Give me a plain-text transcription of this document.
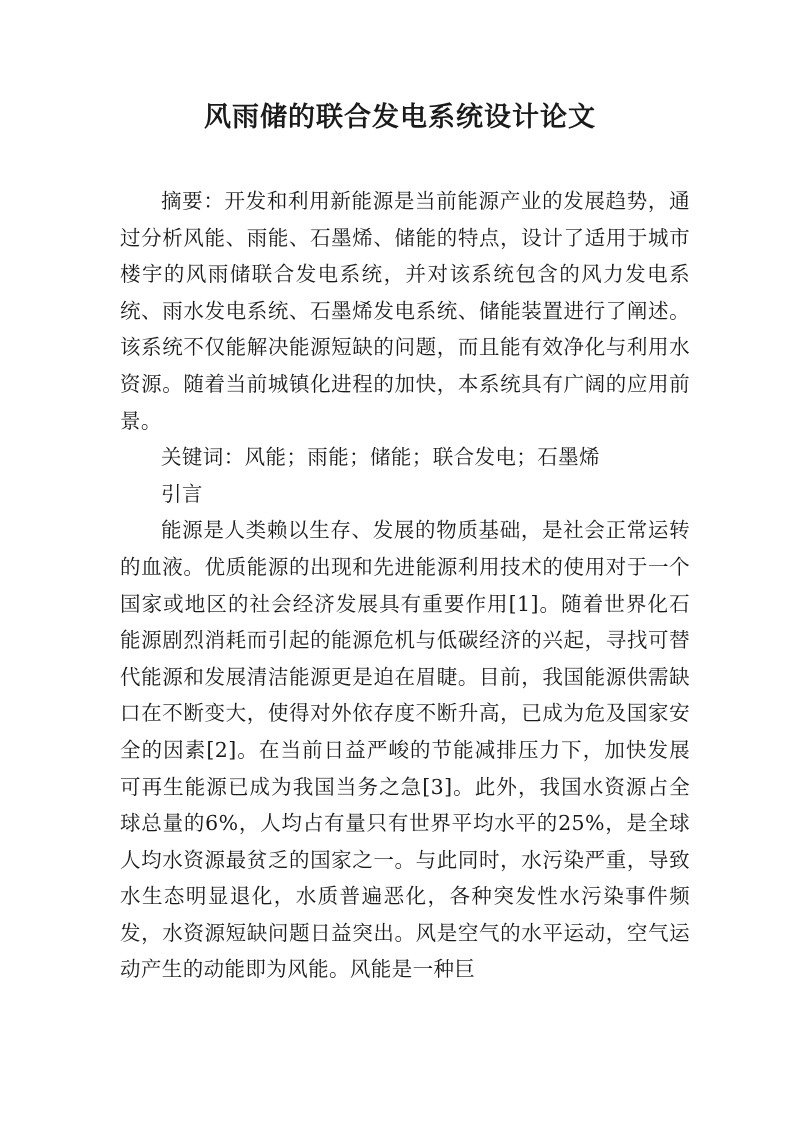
风雨储的联合发电系统设计论文

摘要：开发和利用新能源是当前能源产业的发展趋势，通过分析风能、雨能、石墨烯、储能的特点，设计了适用于城市楼宇的风雨储联合发电系统，并对该系统包含的风力发电系统、雨水发电系统、石墨烯发电系统、储能装置进行了阐述。该系统不仅能解决能源短缺的问题，而且能有效净化与利用水资源。随着当前城镇化进程的加快，本系统具有广阔的应用前景。

关键词：风能；雨能；储能；联合发电；石墨烯

引言

能源是人类赖以生存、发展的物质基础，是社会正常运转的血液。优质能源的出现和先进能源利用技术的使用对于一个国家或地区的社会经济发展具有重要作用[1]。随着世界化石能源剧烈消耗而引起的能源危机与低碳经济的兴起，寻找可替代能源和发展清洁能源更是迫在眉睫。目前，我国能源供需缺口在不断变大，使得对外依存度不断升高，已成为危及国家安全的因素[2]。在当前日益严峻的节能减排压力下，加快发展可再生能源已成为我国当务之急[3]。此外，我国水资源占全球总量的6%，人均占有量只有世界平均水平的25%，是全球人均水资源最贫乏的国家之一。与此同时，水污染严重，导致水生态明显退化，水质普遍恶化，各种突发性水污染事件频发，水资源短缺问题日益突出。风是空气的水平运动，空气运动产生的动能即为风能。风能是一种巨
